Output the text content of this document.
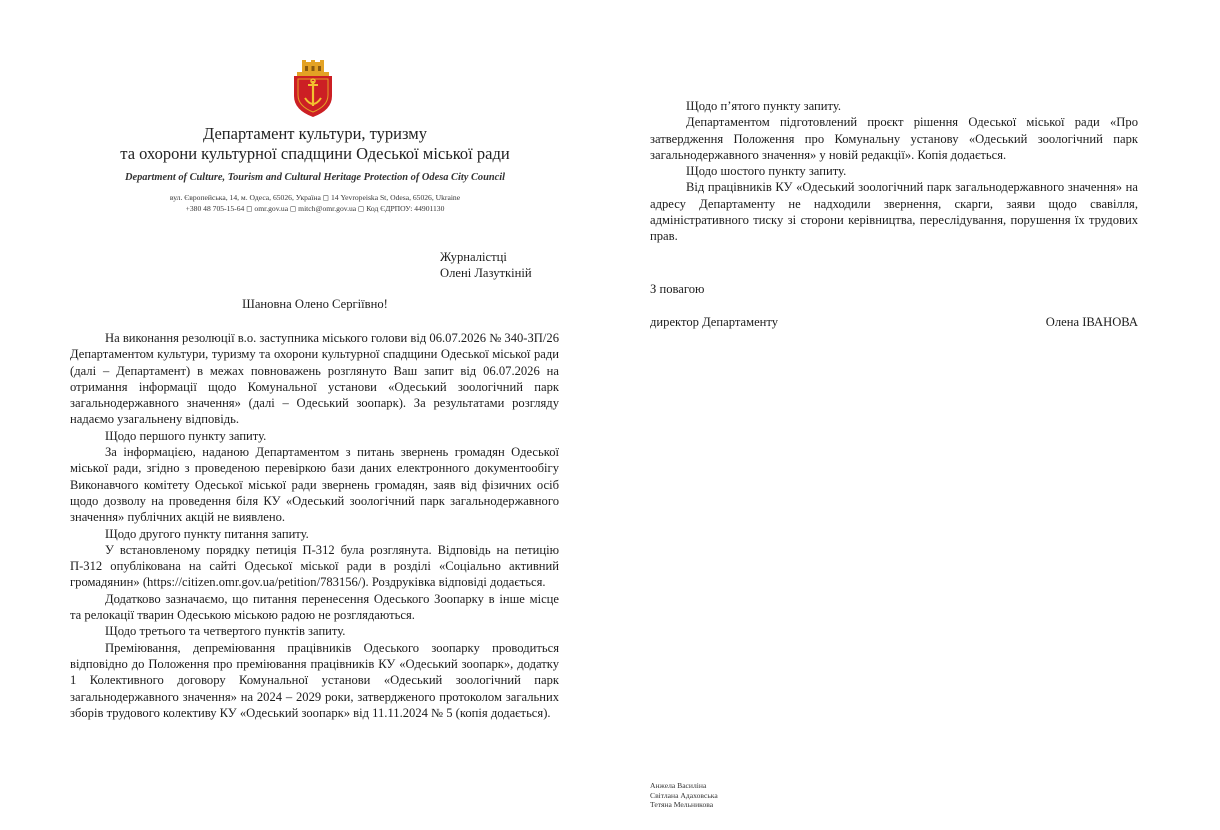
Департамент культури, туризму
та охорони культурної спадщини Одеської міської ради
Department of Culture, Tourism and Cultural Heritage Protection of Odesa City Council
вул. Європейська, 14, м. Одеса, 65026, Україна ◻ 14 Yevropeiska St, Odesa, 65026, Ukraine
+380 48 705-15-64 ◻ omr.gov.ua ◻ mitch@omr.gov.ua ◻ Код ЄДРПОУ: 44901130
Журналістці
Олені Лазуткіній
Шановна Олено Сергіївно!

На виконання резолюції в.о. заступника міського голови від 06.07.2026 № 340-ЗП/26 Департаментом культури, туризму та охорони культурної спадщини Одеської міської ради (далі – Департамент) в межах повноважень розглянуто Ваш запит від 06.07.2026 на отримання інформації щодо Комунальної установи «Одеський зоологічний парк загальнодержавного значення» (далі – Одеський зоопарк). За результатами розгляду надаємо узагальнену відповідь.

Щодо першого пункту запиту.

За інформацією, наданою Департаментом з питань звернень громадян Одеської міської ради, згідно з проведеною перевіркою бази даних електронного документообігу Виконавчого комітету Одеської міської ради звернень громадян, заяв від фізичних осіб щодо дозволу на проведення біля КУ «Одеський зоологічний парк загальнодержавного значення» публічних акцій не виявлено.

Щодо другого пункту питання запиту.

У встановленому порядку петиція П-312 була розглянута. Відповідь на петицію П-312 опублікована на сайті Одеської міської ради в розділі «Соціально активний громадянин» (https://citizen.omr.gov.ua/petition/783156/). Роздруківка відповіді додається.

Додатково зазначаємо, що питання перенесення Одеського Зоопарку в інше місце та релокації тварин Одеською міською радою не розглядаються.

Щодо третього та четвертого пунктів запиту.

Преміювання, депреміювання працівників Одеського зоопарку проводиться відповідно до Положення про преміювання працівників КУ «Одеський зоопарк», додатку 1 Колективного договору Комунальної установи «Одеський зоологічний парк загальнодержавного значення» на 2024 – 2029 роки, затвердженого протоколом загальних зборів трудового колективу КУ «Одеський зоопарк» від 11.11.2024 № 5 (копія додається).

Щодо п’ятого пункту запиту.

Департаментом підготовлений проєкт рішення Одеської міської ради «Про затвердження Положення про Комунальну установу «Одеський зоологічний парк загальнодержавного значення» у новій редакції». Копія додається.

Щодо шостого пункту запиту.

Від працівників КУ «Одеський зоологічний парк загальнодержавного значення» на адресу Департаменту не надходили звернення, скарги, заяви щодо свавілля, адміністративного тиску зі сторони керівництва, переслідування, порушення їх трудових прав.

З повагою
директор Департаменту	Олена ІВАНОВА
Анжела Василіна
Світлана Адаховська
Тетяна Мельникова
